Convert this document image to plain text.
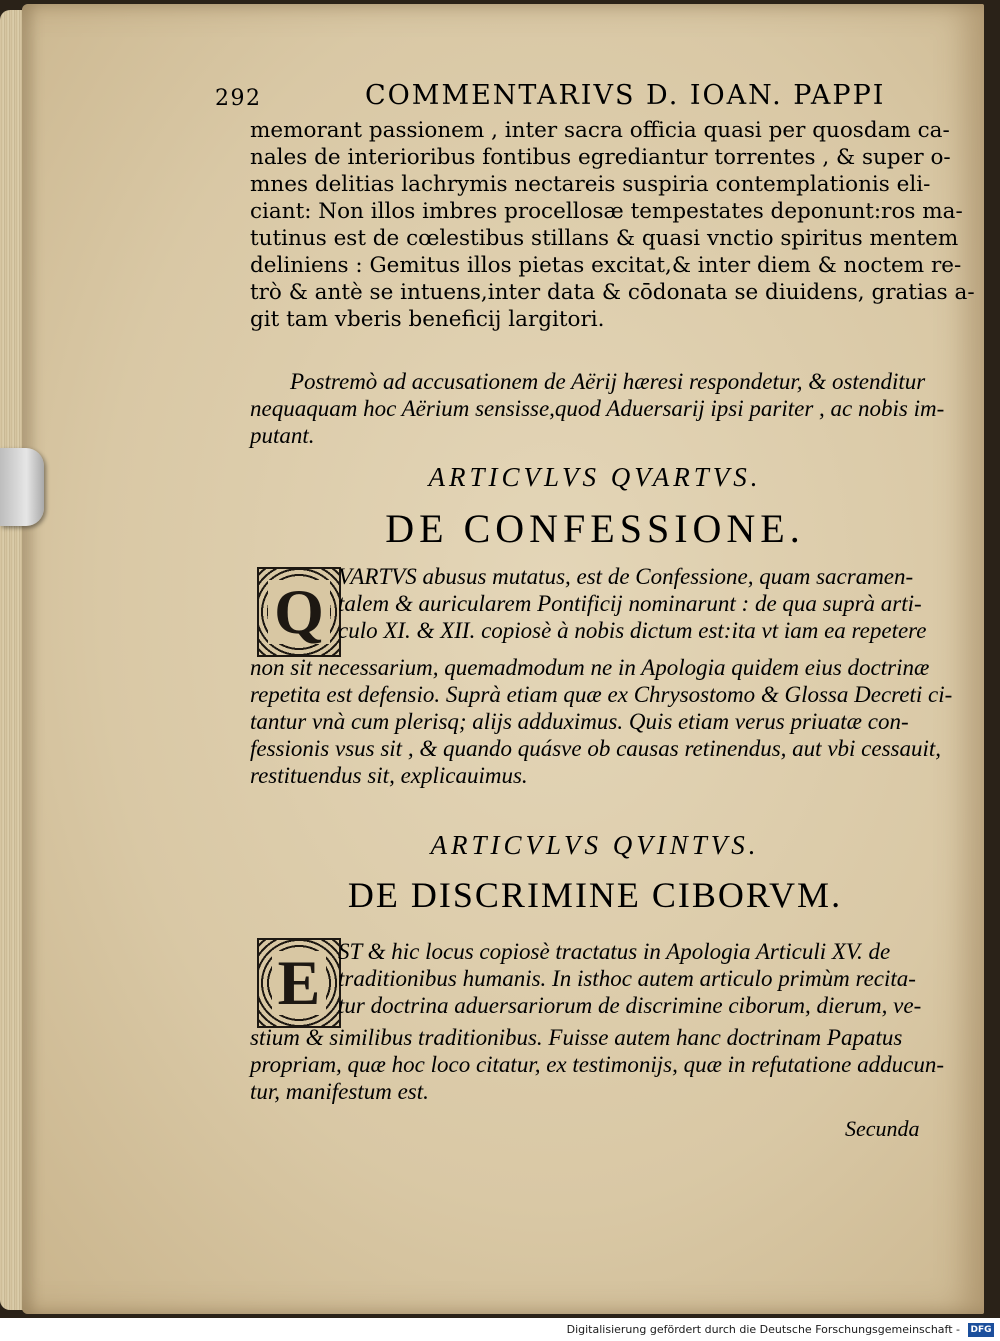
292	COMMENTARIVS D. IOAN. PAPPI
memorant passionem , inter sacra officia quasi per quosdam ca-
nales de interioribus fontibus egrediantur torrentes , & super o-
mnes delitias lachrymis nectareis suspiria contemplationis eli-
ciant: Non illos imbres procellosæ tempestates deponunt:ros ma-
tutinus est de cœlestibus stillans & quasi vnctio spiritus mentem
deliniens : Gemitus illos pietas excitat,& inter diem & noctem re-
trò & antè se intuens,inter data & cōdonata se diuidens, gratias a-
git tam vberis beneficij largitori.
Postremò ad accusationem de Aërij hæresi respondetur, & ostenditur
nequaquam hoc Aërium sensisse,quod Aduersarij ipsi pariter , ac nobis im-
putant.
ARTICVLVS QVARTVS.
DE CONFESSIONE.
Q VARTVS abusus mutatus, est de Confessione, quam sacramen-
talem & auricularem Pontificij nominarunt : de qua suprà arti-
culo XI. & XII. copiosè à nobis dictum est:ita vt iam ea repetere
non sit necessarium, quemadmodum ne in Apologia quidem eius doctrinæ
repetita est defensio. Suprà etiam quæ ex Chrysostomo & Glossa Decreti ci-
tantur vnà cum plerisq; alijs adduximus. Quis etiam verus priuatæ con-
fessionis vsus sit , & quando quásve ob causas retinendus, aut vbi cessauit,
restituendus sit, explicauimus.
ARTICVLVS QVINTVS.
DE DISCRIMINE CIBORVM.
E ST & hic locus copiosè tractatus in Apologia Articuli XV. de
traditionibus humanis. In isthoc autem articulo primùm recita-
tur doctrina aduersariorum de discrimine ciborum, dierum, ve-
stium & similibus traditionibus. Fuisse autem hanc doctrinam Papatus
propriam, quæ hoc loco citatur, ex testimonijs, quæ in refutatione adducun-
tur, manifestum est.
Secunda
Digitalisierung gefördert durch die Deutsche Forschungsgemeinschaft - DFG
